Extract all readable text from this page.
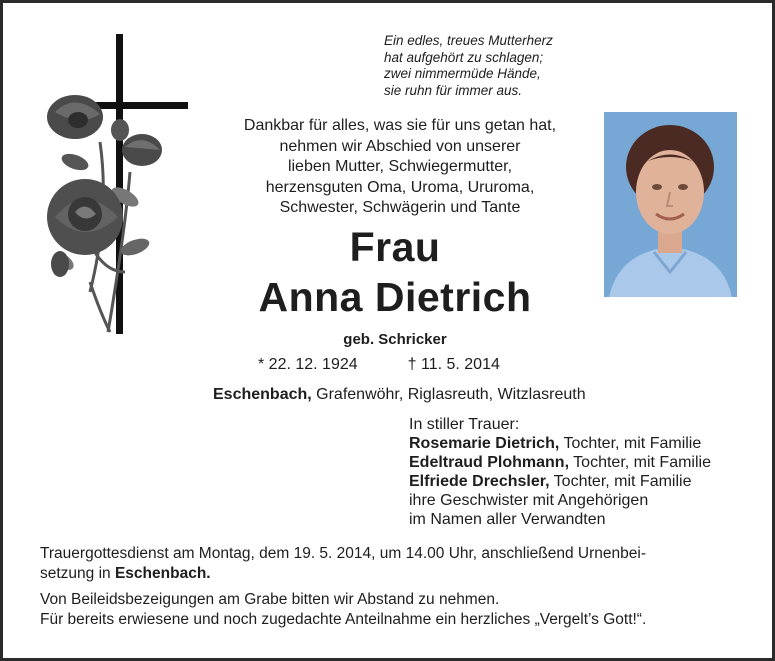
Ein edles, treues Mutterherz
hat aufgehört zu schlagen;
zwei nimmermüde Hände,
sie ruhn für immer aus.
Dankbar für alles, was sie für uns getan hat,
nehmen wir Abschied von unserer
lieben Mutter, Schwiegermutter,
herzensguten Oma, Uroma, Ururoma,
Schwester, Schwägerin und Tante
Frau
Anna Dietrich
geb. Schricker
* 22. 12. 1924	† 11. 5. 2014
Eschenbach, Grafenwöhr, Riglasreuth, Witzlasreuth
In stiller Trauer:
Rosemarie Dietrich, Tochter, mit Familie
Edeltraud Plohmann, Tochter, mit Familie
Elfriede Drechsler, Tochter, mit Familie
ihre Geschwister mit Angehörigen
im Namen aller Verwandten
Trauergottesdienst am Montag, dem 19. 5. 2014, um 14.00 Uhr, anschließend Urnenbei-
setzung in Eschenbach.
Von Beileidsbezeigungen am Grabe bitten wir Abstand zu nehmen.
Für bereits erwiesene und noch zugedachte Anteilnahme ein herzliches „Vergelt’s Gott!“.
